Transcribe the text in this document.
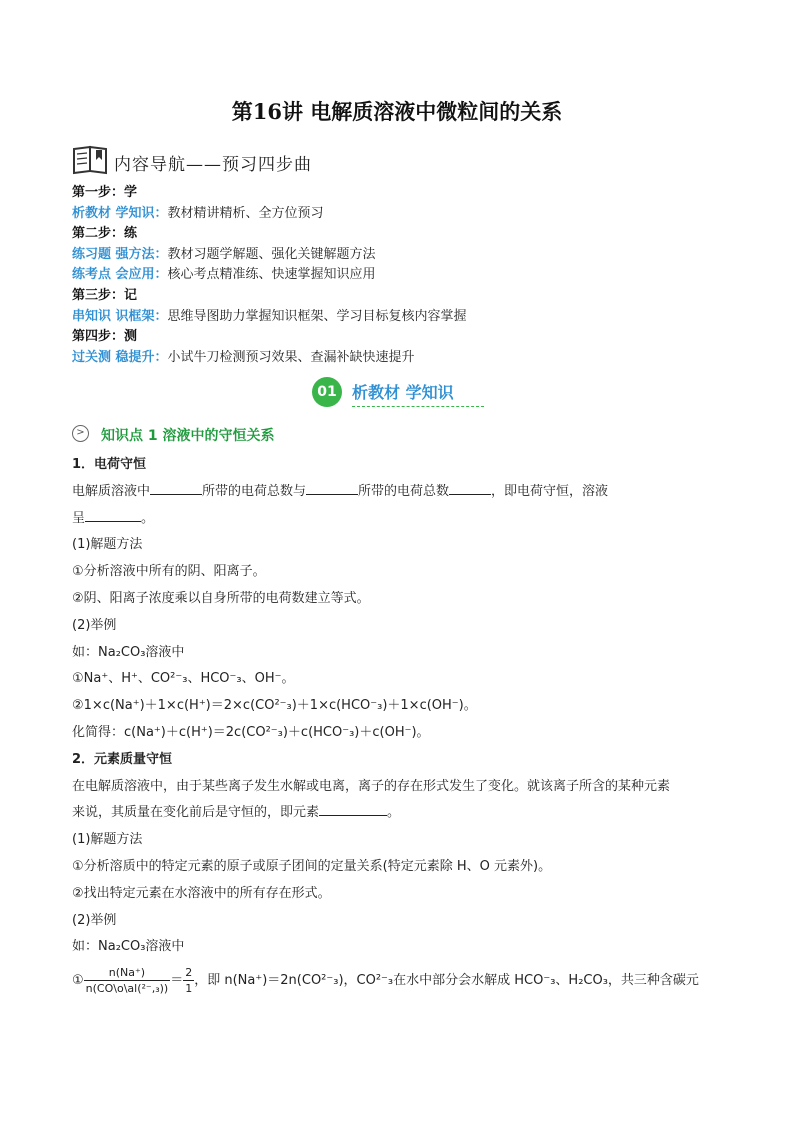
第16讲 电解质溶液中微粒间的关系
内容导航——预习四步曲
第一步：学
析教材 学知识：教材精讲精析、全方位预习
第二步：练
练习题 强方法：教材习题学解题、强化关键解题方法
练考点 会应用：核心考点精准练、快速掌握知识应用
第三步：记
串知识 识框架：思维导图助力掌握知识框架、学习目标复核内容掌握
第四步：测
过关测 稳提升：小试牛刀检测预习效果、查漏补缺快速提升
01 析教材 学知识
>	知识点 1 溶液中的守恒关系
1．电荷守恒
电解质溶液中	所带的电荷总数与	所带的电荷总数	，即电荷守恒，溶液
呈	。
(1)解题方法
①分析溶液中所有的阴、阳离子。
②阴、阳离子浓度乘以自身所带的电荷数建立等式。
(2)举例
如：Na₂CO₃溶液中
①Na⁺、H⁺、CO²⁻₃、HCO⁻₃、OH⁻。
②1×c(Na⁺)＋1×c(H⁺)＝2×c(CO²⁻₃)＋1×c(HCO⁻₃)＋1×c(OH⁻)。
化简得：c(Na⁺)＋c(H⁺)＝2c(CO²⁻₃)＋c(HCO⁻₃)＋c(OH⁻)。
2．元素质量守恒
在电解质溶液中，由于某些离子发生水解或电离，离子的存在形式发生了变化。就该离子所含的某种元素
来说，其质量在变化前后是守恒的，即元素	。
(1)解题方法
①分析溶质中的特定元素的原子或原子团间的定量关系(特定元素除 H、O 元素外)。
②找出特定元素在水溶液中的所有存在形式。
(2)举例
如：Na₂CO₃溶液中
① $\frac{n(Na^+)}{\text{n(CO\textbackslash{}o\textbackslash{}al(²⁻,₃))}} = \frac{2}{1}$ ，即 n(Na⁺)＝2n(CO²⁻₃)，CO²⁻₃在水中部分会水解成 HCO⁻₃、H₂CO₃，共三种含碳元
